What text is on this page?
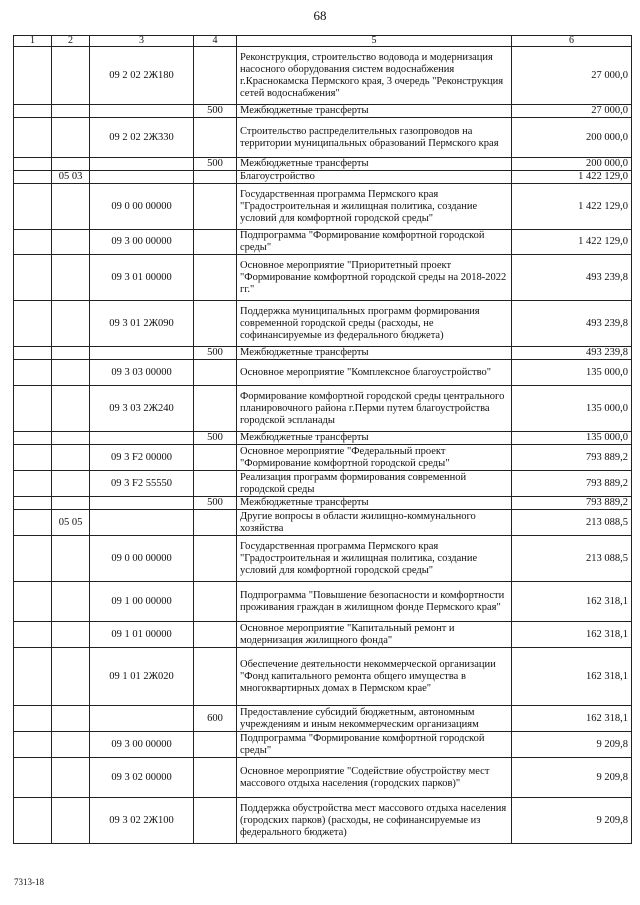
68
1	2	3	4	5	6
		09 2 02 2Ж180		Реконструкция, строительство водовода и модернизация насосного оборудования систем водоснабжения г.Краснокамска Пермского края, 3 очередь "Реконструкция сетей водоснабжения"	27 000,0
			500	Межбюджетные трансферты	27 000,0
		09 2 02 2Ж330		Строительство распределительных газопроводов на территории муниципальных образований Пермского края	200 000,0
			500	Межбюджетные трансферты	200 000,0
	05 03			Благоустройство	1 422 129,0
		09 0 00 00000		Государственная программа Пермского края "Градостроительная и жилищная политика, создание условий для комфортной городской среды"	1 422 129,0
		09 3 00 00000		Подпрограмма "Формирование комфортной городской среды"	1 422 129,0
		09 3 01 00000		Основное мероприятие "Приоритетный проект "Формирование комфортной городской среды на 2018-2022 гг."	493 239,8
		09 3 01 2Ж090		Поддержка муниципальных программ формирования современной городской среды (расходы, не софинансируемые из федерального бюджета)	493 239,8
			500	Межбюджетные трансферты	493 239,8
		09 3 03 00000		Основное мероприятие "Комплексное благоустройство"	135 000,0
		09 3 03 2Ж240		Формирование комфортной городской среды центрального планировочного района г.Перми путем благоустройства городской эспланады	135 000,0
			500	Межбюджетные трансферты	135 000,0
		09 3 F2 00000		Основное мероприятие "Федеральный проект "Формирование комфортной городской среды"	793 889,2
		09 3 F2 55550		Реализация программ формирования современной городской среды	793 889,2
			500	Межбюджетные трансферты	793 889,2
	05 05			Другие вопросы в области жилищно-коммунального хозяйства	213 088,5
		09 0 00 00000		Государственная программа Пермского края "Градостроительная и жилищная политика, создание условий для комфортной городской среды"	213 088,5
		09 1 00 00000		Подпрограмма "Повышение безопасности и комфортности проживания граждан в жилищном фонде Пермского края"	162 318,1
		09 1 01 00000		Основное мероприятие "Капитальный ремонт и модернизация жилищного фонда"	162 318,1
		09 1 01 2Ж020		Обеспечение деятельности некоммерческой организации "Фонд капитального ремонта общего имущества в многоквартирных домах в Пермском крае"	162 318,1
			600	Предоставление субсидий бюджетным, автономным учреждениям и иным некоммерческим организациям	162 318,1
		09 3 00 00000		Подпрограмма "Формирование комфортной городской среды"	9 209,8
		09 3 02 00000		Основное мероприятие "Содействие обустройству мест массового отдыха населения (городских парков)"	9 209,8
		09 3 02 2Ж100		Поддержка обустройства мест массового отдыха населения (городских парков) (расходы, не софинансируемые из федерального бюджета)	9 209,8
7313-18
